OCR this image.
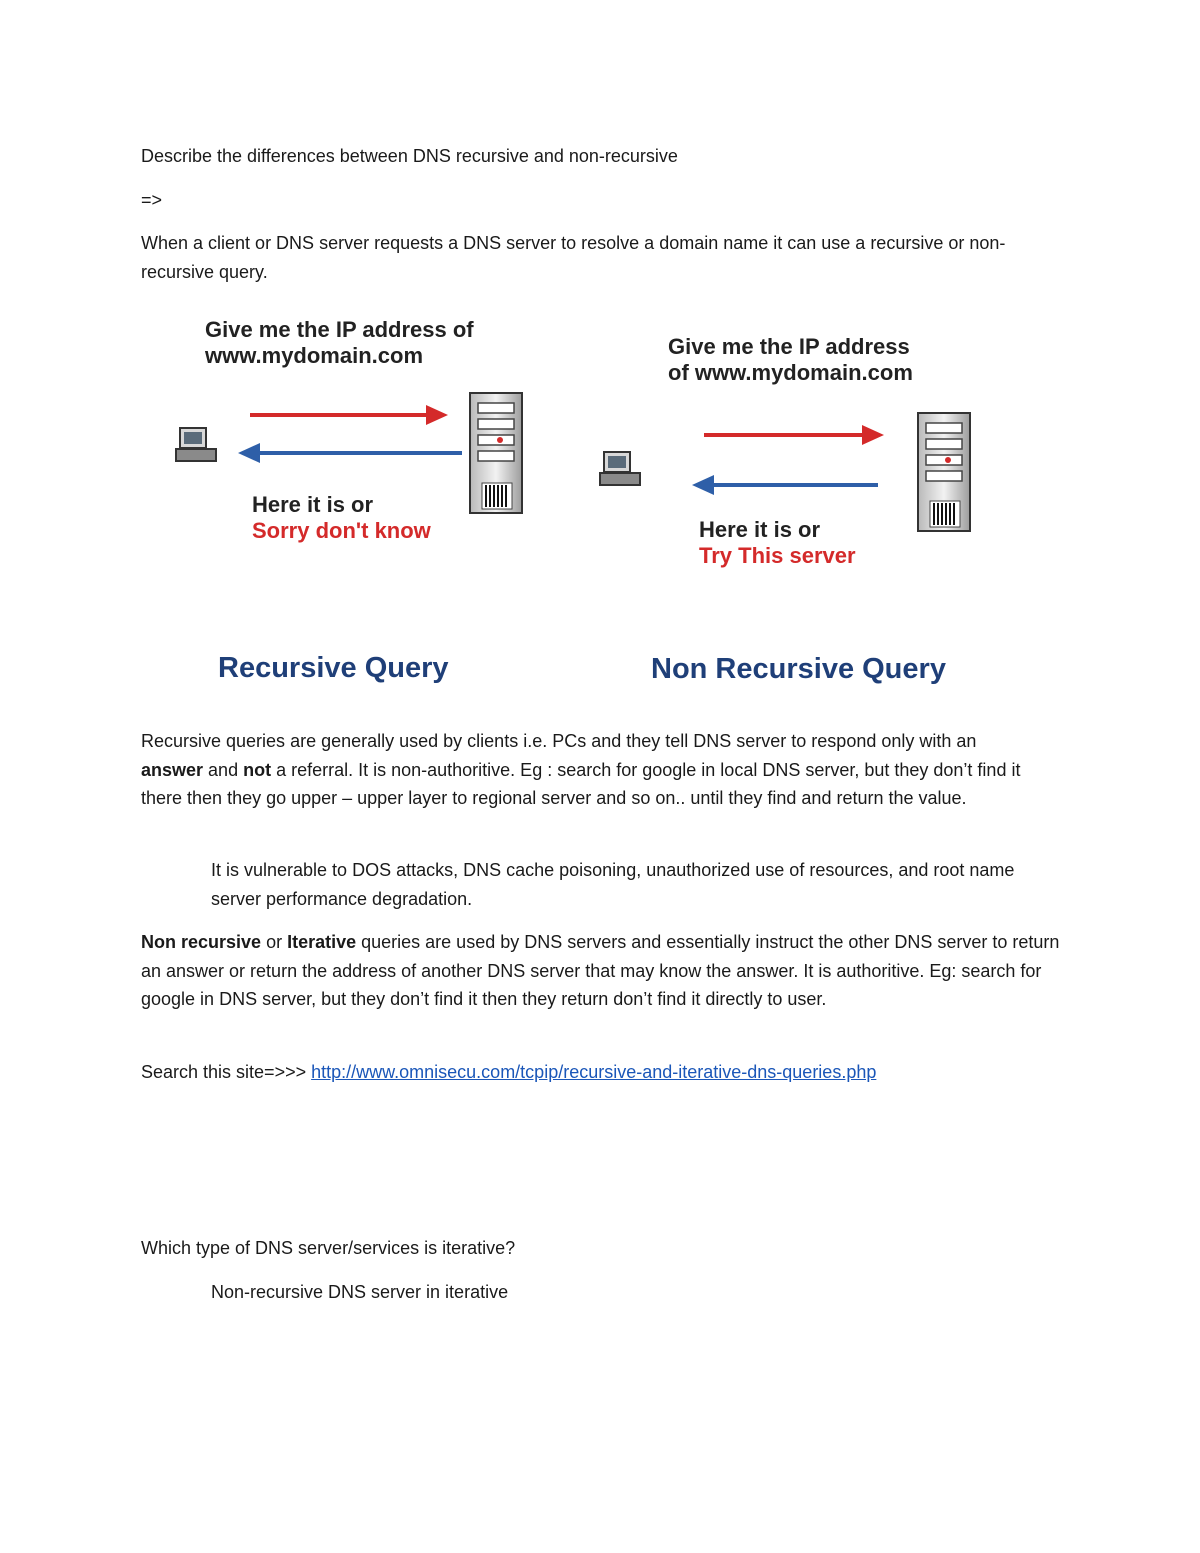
Describe the differences between DNS recursive and non-recursive

=>

When a client or DNS server requests a DNS server to resolve a domain name it can use a recursive or non-recursive query.

Give me the IP address of
www.mydomain.com
Here it is or
Sorry don't know
Recursive Query
Give me the IP address
of www.mydomain.com
Here it is or
Try This server
Non Recursive Query

Recursive queries are generally used by clients i.e. PCs and they tell DNS server to respond only with an answer and not a referral. It is non-authoritive. Eg : search for google in local DNS server, but they don’t find it there then they go upper – upper layer to regional server and so on.. until they find and return the value.

It is vulnerable to DOS attacks, DNS cache poisoning, unauthorized use of resources, and root name server performance degradation.

Non recursive or Iterative queries are used by DNS servers and essentially instruct the other DNS server to return an answer or return the address of another DNS server that may know the answer. It is authoritive. Eg: search for google in DNS server, but they don’t find it then they return don’t find it directly to user.

Search this site=>>> http://www.omnisecu.com/tcpip/recursive-and-iterative-dns-queries.php

Which type of DNS server/services is iterative?

Non-recursive DNS server in iterative
